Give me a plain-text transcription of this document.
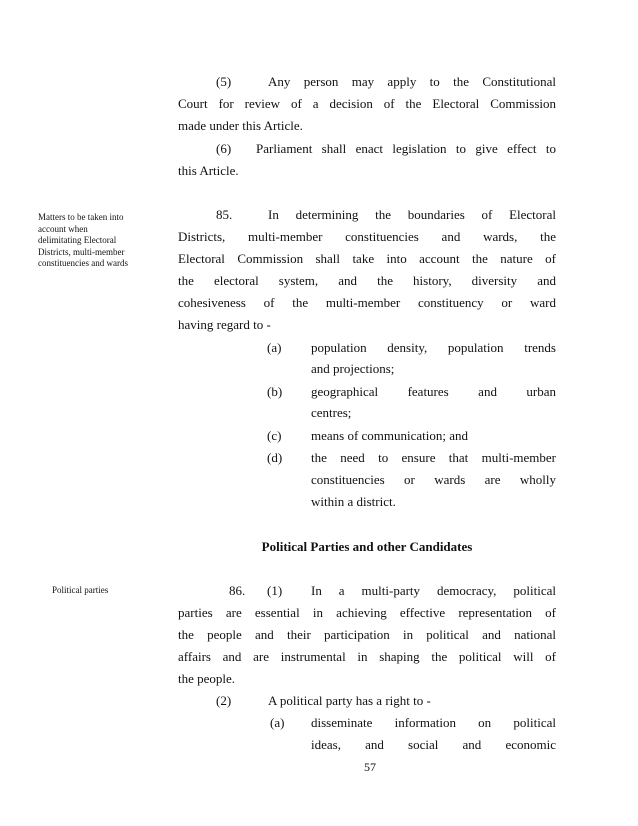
Matters to be taken into
account when
delimitating Electoral
Districts, multi-member
constituencies and wards
Political parties
(5)	Any person may apply to the Constitutional
Court for review of a decision of the Electoral Commission
made under this Article.
(6) Parliament shall enact legislation to give effect to
this Article.
85.	In determining the boundaries of Electoral
Districts, multi-member constituencies and wards, the
Electoral Commission shall take into account the nature of
the electoral system, and the history, diversity and
cohesiveness of the multi-member constituency or ward
having regard to -
(a) population density, population trends
and projections;
(b) geographical features and urban
centres;
(c) means of communication; and
(d) the need to ensure that multi-member
constituencies or wards are wholly
within a district.
Political Parties and other Candidates
86. (1) In a multi-party democracy, political
parties are essential in achieving effective representation of
the people and their participation in political and national
affairs and are instrumental in shaping the political will of
the people.
(2)	A political party has a right to -
(a) disseminate information on political
ideas, and social and economic
57
